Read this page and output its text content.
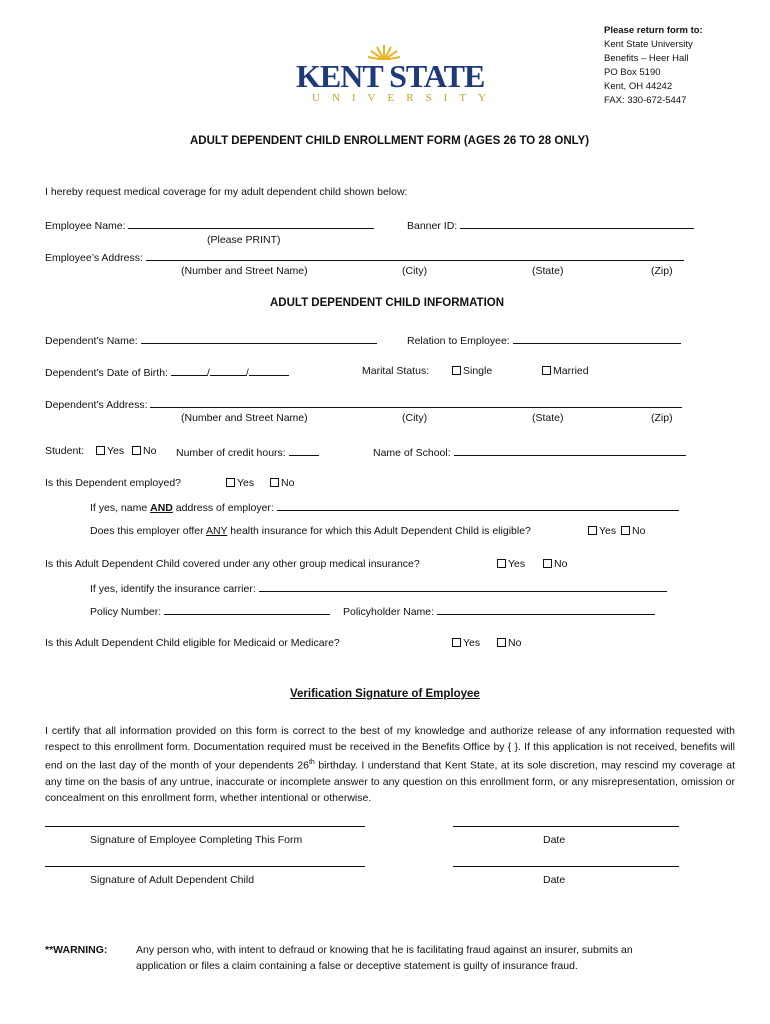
KENT STATE
UNIVERSITY
Please return form to:
Kent State University
Benefits – Heer Hall
PO Box 5190
Kent, OH 44242
FAX: 330-672-5447
ADULT DEPENDENT CHILD ENROLLMENT FORM (AGES 26 TO 28 ONLY)
I hereby request medical coverage for my adult dependent child shown below:
Employee Name:	Banner ID:
(Please PRINT)
Employee’s Address:
(Number and Street Name)	(City)	(State)	(Zip)
ADULT DEPENDENT CHILD INFORMATION
Dependent’s Name:	Relation to Employee:
Dependent’s Date of Birth:	/	/	Marital Status:	Single	Married
Dependent’s Address:
(Number and Street Name)	(City)	(State)	(Zip)
Student:	Yes	No Number of credit hours:	Name of School:
Is this Dependent employed?	Yes	No
If yes, name AND address of employer:
Does this employer offer ANY health insurance for which this Adult Dependent Child is eligible?	Yes	No
Is this Adult Dependent Child covered under any other group medical insurance?	Yes	No
If yes, identify the insurance carrier:
Policy Number:	Policyholder Name:
Is this Adult Dependent Child eligible for Medicaid or Medicare?	Yes	No
Verification Signature of Employee
I certify that all information provided on this form is correct to the best of my knowledge and authorize release of any information requested with respect to this enrollment form. Documentation required must be received in the Benefits Office by { }. If this application is not received, benefits will end on the last day of the month of your dependents 26th birthday. I understand that Kent State, at its sole discretion, may rescind my coverage at any time on the basis of any untrue, inaccurate or incomplete answer to any question on this enrollment form, or any misrepresentation, omission or concealment on this enrollment form, whether intentional or otherwise.
Signature of Employee Completing This Form	Date
Signature of Adult Dependent Child	Date
**WARNING:	Any person who, with intent to defraud or knowing that he is facilitating fraud against an insurer, submits an
application or files a claim containing a false or deceptive statement is guilty of insurance fraud.
